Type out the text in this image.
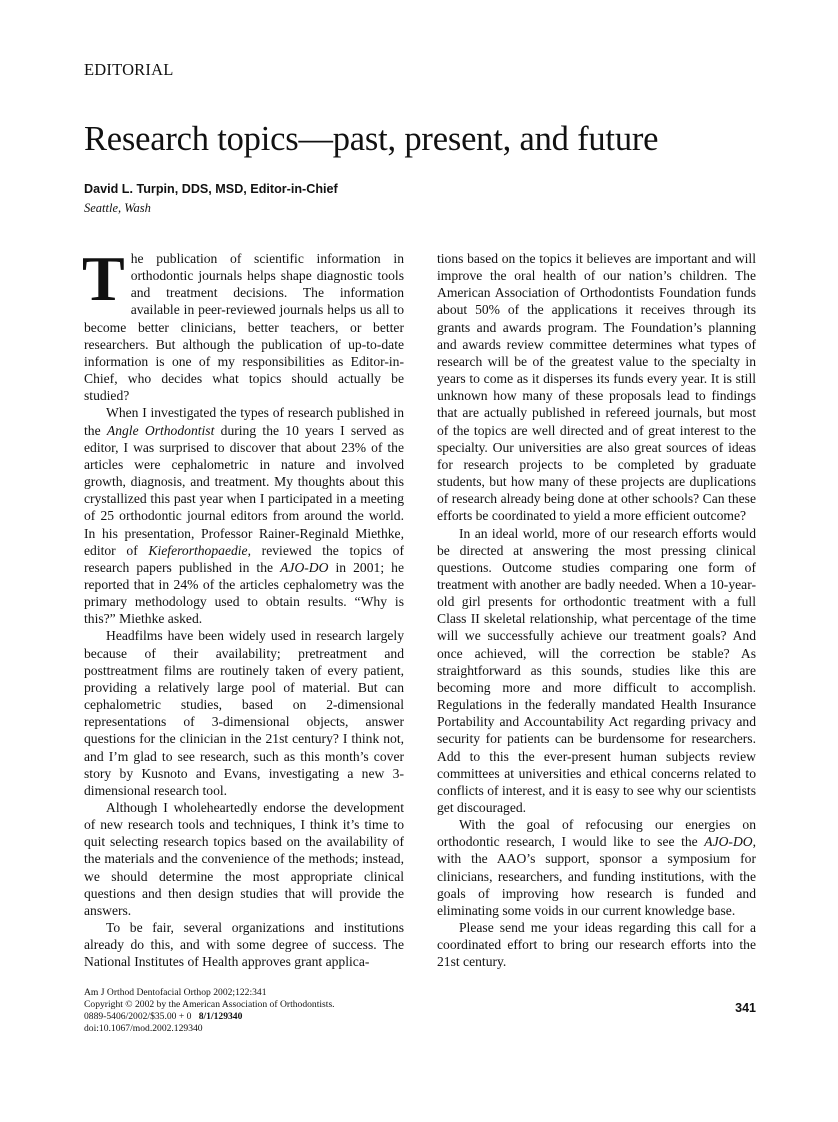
EDITORIAL
Research topics—past, present, and future
David L. Turpin, DDS, MSD, Editor-in-Chief
Seattle, Wash

The publication of scientific information in orthodontic journals helps shape diagnostic tools and treatment decisions. The information available in peer-reviewed journals helps us all to become better clinicians, better teachers, or better researchers. But although the publication of up-to-date information is one of my responsibilities as Editor-in-Chief, who decides what topics should actually be studied?

When I investigated the types of research published in the Angle Orthodontist during the 10 years I served as editor, I was surprised to discover that about 23% of the articles were cephalometric in nature and involved growth, diagnosis, and treatment. My thoughts about this crystallized this past year when I participated in a meeting of 25 orthodontic journal editors from around the world. In his presentation, Professor Rainer-Reginald Miethke, editor of Kieferorthopaedie, reviewed the topics of research papers published in the AJO-DO in 2001; he reported that in 24% of the articles cephalometry was the primary methodology used to obtain results. “Why is this?” Miethke asked.

Headfilms have been widely used in research largely because of their availability; pretreatment and posttreatment films are routinely taken of every patient, providing a relatively large pool of material. But can cephalometric studies, based on 2-dimensional representations of 3-dimensional objects, answer questions for the clinician in the 21st century? I think not, and I’m glad to see research, such as this month’s cover story by Kusnoto and Evans, investigating a new 3-dimensional research tool.

Although I wholeheartedly endorse the development of new research tools and techniques, I think it’s time to quit selecting research topics based on the availability of the materials and the convenience of the methods; instead, we should determine the most appropriate clinical questions and then design studies that will provide the answers.

To be fair, several organizations and institutions already do this, and with some degree of success. The National Institutes of Health approves grant applica-

Am J Orthod Dentofacial Orthop 2002;122:341
Copyright © 2002 by the American Association of Orthodontists.
0889-5406/2002/$35.00 + 0 8/1/129340
doi:10.1067/mod.2002.129340

tions based on the topics it believes are important and will improve the oral health of our nation’s children. The American Association of Orthodontists Foundation funds about 50% of the applications it receives through its grants and awards program. The Foundation’s planning and awards review committee determines what types of research will be of the greatest value to the specialty in years to come as it disperses its funds every year. It is still unknown how many of these proposals lead to findings that are actually published in refereed journals, but most of the topics are well directed and of great interest to the specialty. Our universities are also great sources of ideas for research projects to be completed by graduate students, but how many of these projects are duplications of research already being done at other schools? Can these efforts be coordinated to yield a more efficient outcome?

In an ideal world, more of our research efforts would be directed at answering the most pressing clinical questions. Outcome studies comparing one form of treatment with another are badly needed. When a 10-year-old girl presents for orthodontic treatment with a full Class II skeletal relationship, what percentage of the time will we successfully achieve our treatment goals? And once achieved, will the correction be stable? As straightforward as this sounds, studies like this are becoming more and more difficult to accomplish. Regulations in the federally mandated Health Insurance Portability and Accountability Act regarding privacy and security for patients can be burdensome for researchers. Add to this the ever-present human subjects review committees at universities and ethical concerns related to conflicts of interest, and it is easy to see why our scientists get discouraged.

With the goal of refocusing our energies on orthodontic research, I would like to see the AJO-DO, with the AAO’s support, sponsor a symposium for clinicians, researchers, and funding institutions, with the goals of improving how research is funded and eliminating some voids in our current knowledge base.

Please send me your ideas regarding this call for a coordinated effort to bring our research efforts into the 21st century.

341
